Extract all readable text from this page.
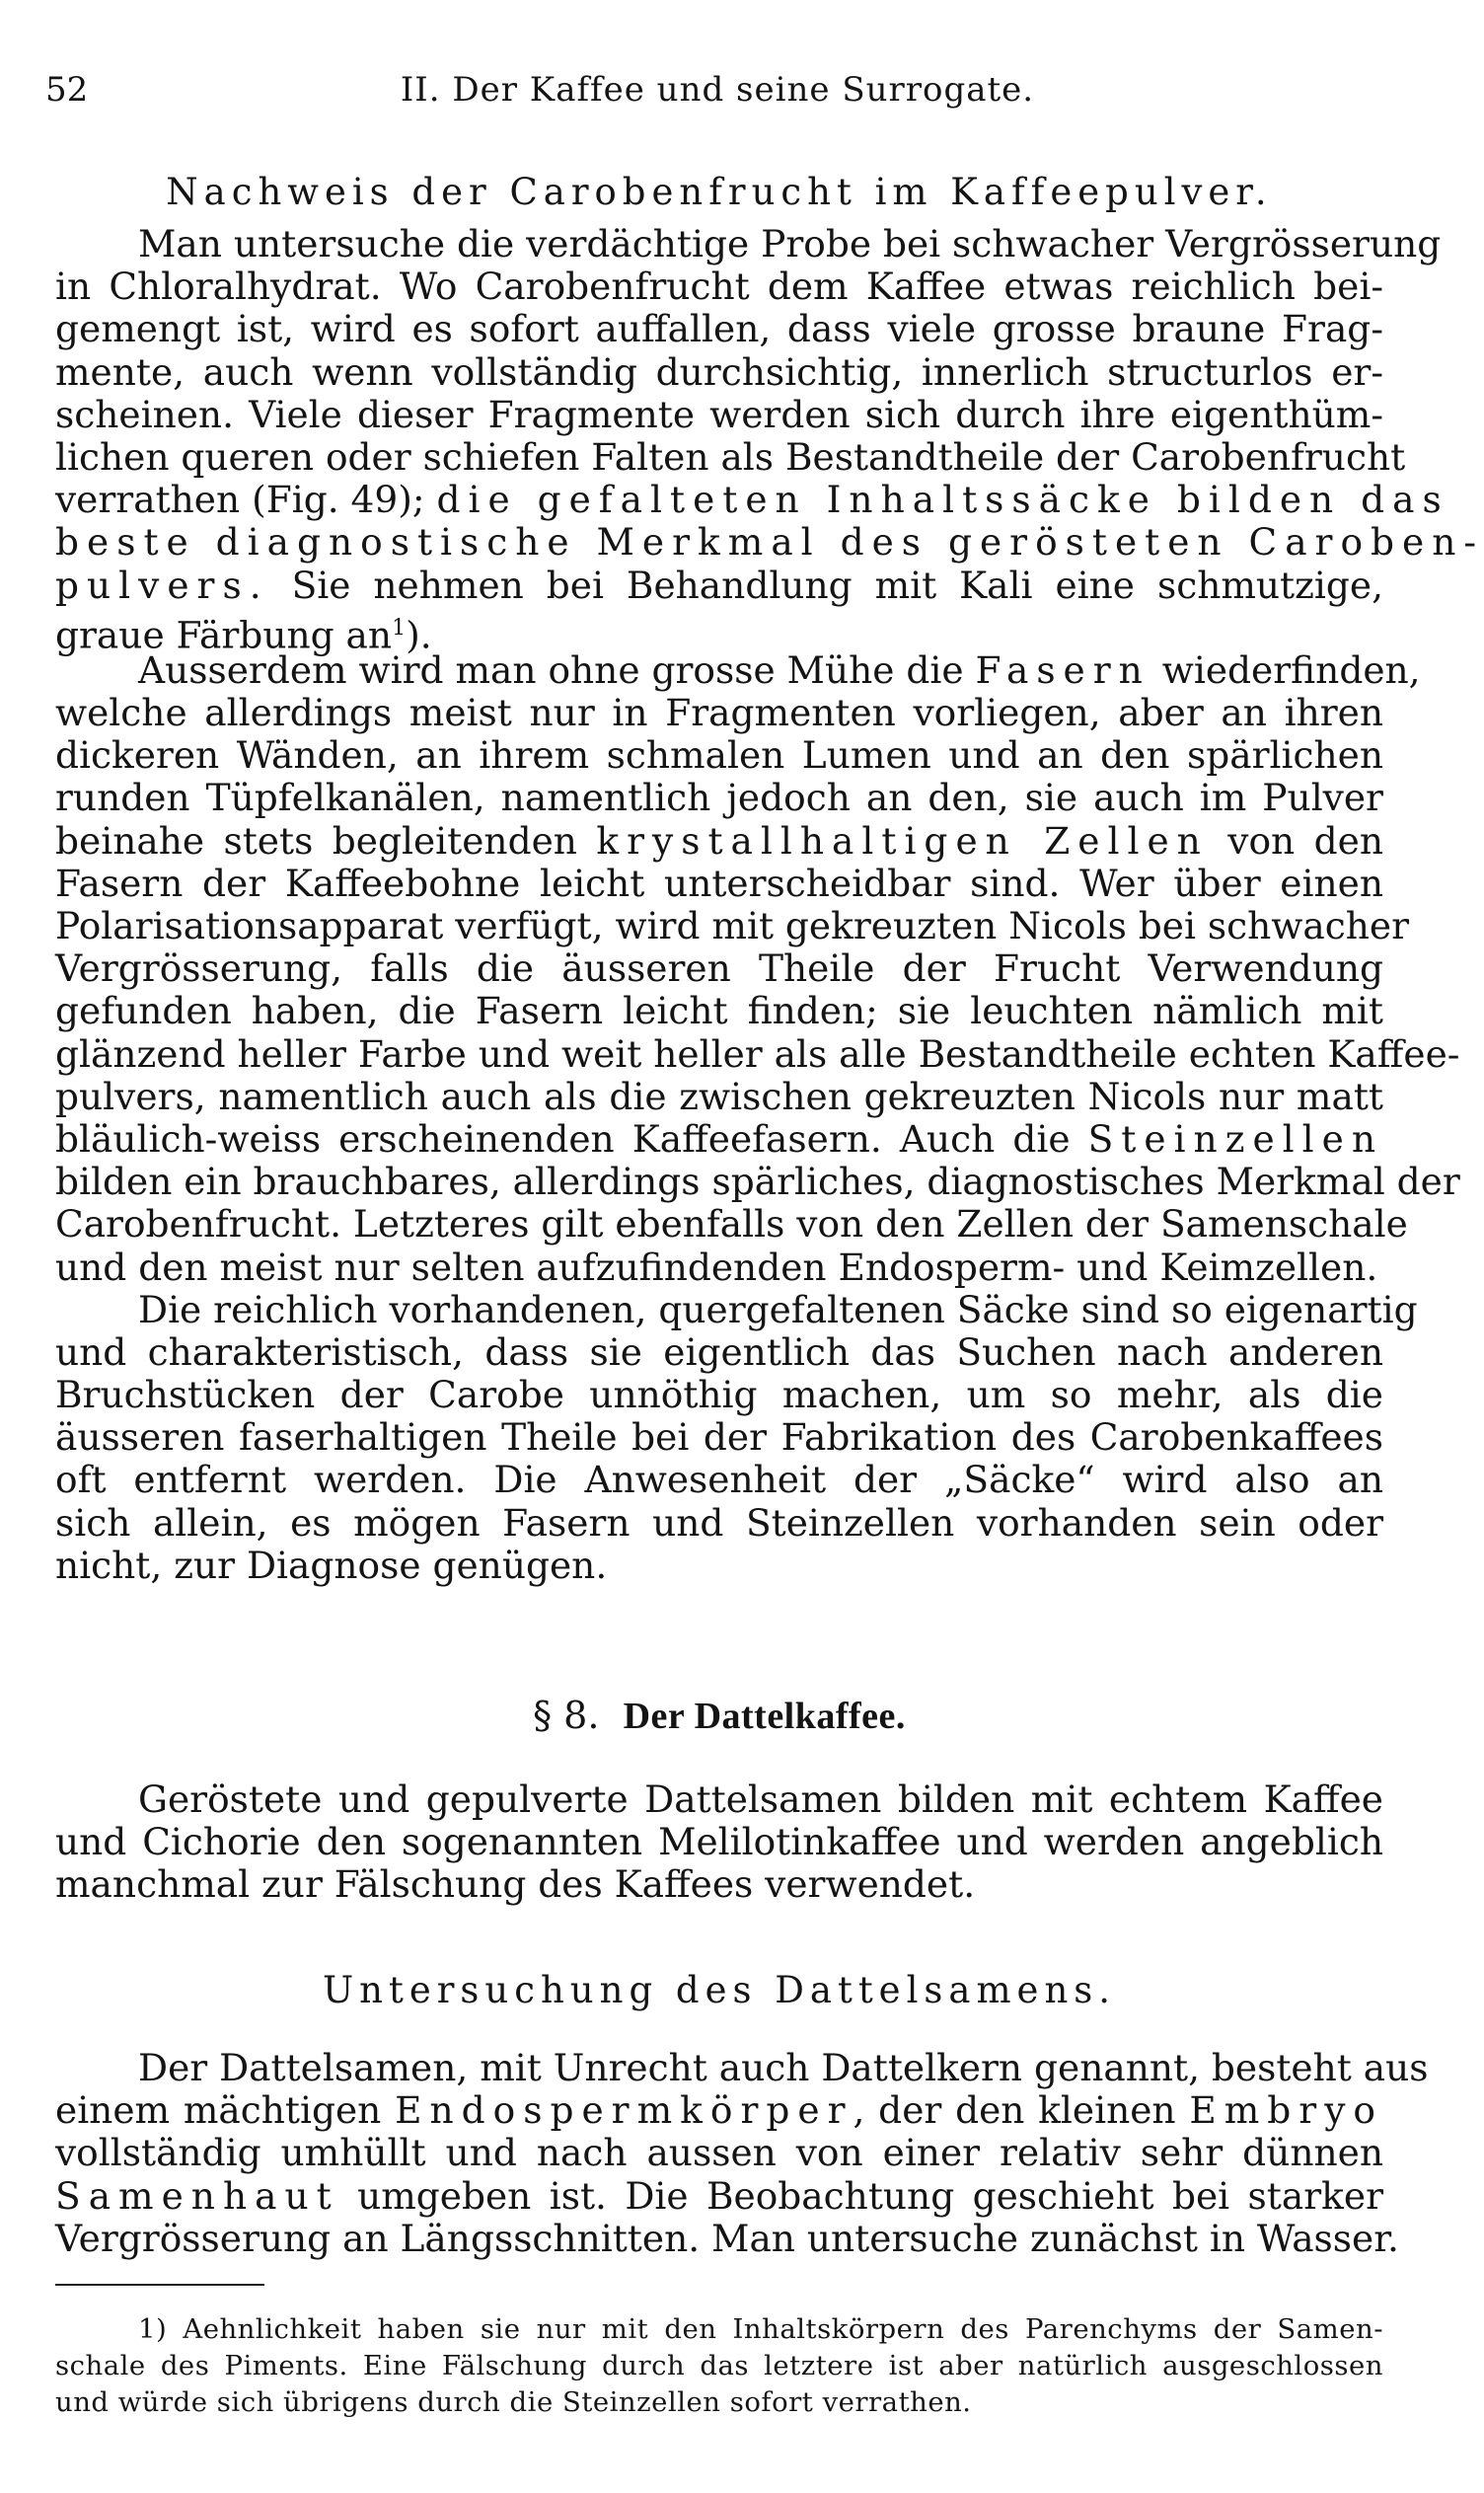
52	II. Der Kaffee und seine Surrogate.
Nachweis der Carobenfrucht im Kaffeepulver.
Man untersuche die verdächtige Probe bei schwacher Vergrösserung
in Chloralhydrat. Wo Carobenfrucht dem Kaffee etwas reichlich bei-
gemengt ist, wird es sofort auffallen, dass viele grosse braune Frag-
mente, auch wenn vollständig durchsichtig, innerlich structurlos er-
scheinen. Viele dieser Fragmente werden sich durch ihre eigenthüm-
lichen queren oder schiefen Falten als Bestandtheile der Carobenfrucht
verrathen (Fig. 49); die gefalteten Inhaltssäcke bilden das
beste diagnostische Merkmal des gerösteten Caroben-
pulvers. Sie nehmen bei Behandlung mit Kali eine schmutzige,
graue Färbung $an^1$).
Ausserdem wird man ohne grosse Mühe die Fasern wiederfinden,
welche allerdings meist nur in Fragmenten vorliegen, aber an ihren
dickeren Wänden, an ihrem schmalen Lumen und an den spärlichen
runden Tüpfelkanälen, namentlich jedoch an den, sie auch im Pulver
beinahe stets begleitenden krystallhaltigen Zellen von den
Fasern der Kaffeebohne leicht unterscheidbar sind. Wer über einen
Polarisationsapparat verfügt, wird mit gekreuzten Nicols bei schwacher
Vergrösserung, falls die äusseren Theile der Frucht Verwendung
gefunden haben, die Fasern leicht finden; sie leuchten nämlich mit
glänzend heller Farbe und weit heller als alle Bestandtheile echten Kaffee-
pulvers, namentlich auch als die zwischen gekreuzten Nicols nur matt
bläulich-weiss erscheinenden Kaffeefasern. Auch die Steinzellen
bilden ein brauchbares, allerdings spärliches, diagnostisches Merkmal der
Carobenfrucht. Letzteres gilt ebenfalls von den Zellen der Samenschale
und den meist nur selten aufzufindenden Endosperm- und Keimzellen.
Die reichlich vorhandenen, quergefaltenen Säcke sind so eigenartig
und charakteristisch, dass sie eigentlich das Suchen nach anderen
Bruchstücken der Carobe unnöthig machen, um so mehr, als die
äusseren faserhaltigen Theile bei der Fabrikation des Carobenkaffees
oft entfernt werden. Die Anwesenheit der „Säcke“ wird also an
sich allein, es mögen Fasern und Steinzellen vorhanden sein oder
nicht, zur Diagnose genügen.
§ 8. Der Dattelkaffee.
Geröstete und gepulverte Dattelsamen bilden mit echtem Kaffee
und Cichorie den sogenannten Melilotinkaffee und werden angeblich
manchmal zur Fälschung des Kaffees verwendet.
Untersuchung des Dattelsamens.
Der Dattelsamen, mit Unrecht auch Dattelkern genannt, besteht aus
einem mächtigen Endospermkörper, der den kleinen Embryo
vollständig umhüllt und nach aussen von einer relativ sehr dünnen
Samenhaut umgeben ist. Die Beobachtung geschieht bei starker
Vergrösserung an Längsschnitten. Man untersuche zunächst in Wasser.
1) Aehnlichkeit haben sie nur mit den Inhaltskörpern des Parenchyms der Samen-
schale des Piments. Eine Fälschung durch das letztere ist aber natürlich ausgeschlossen
und würde sich übrigens durch die Steinzellen sofort verrathen.
